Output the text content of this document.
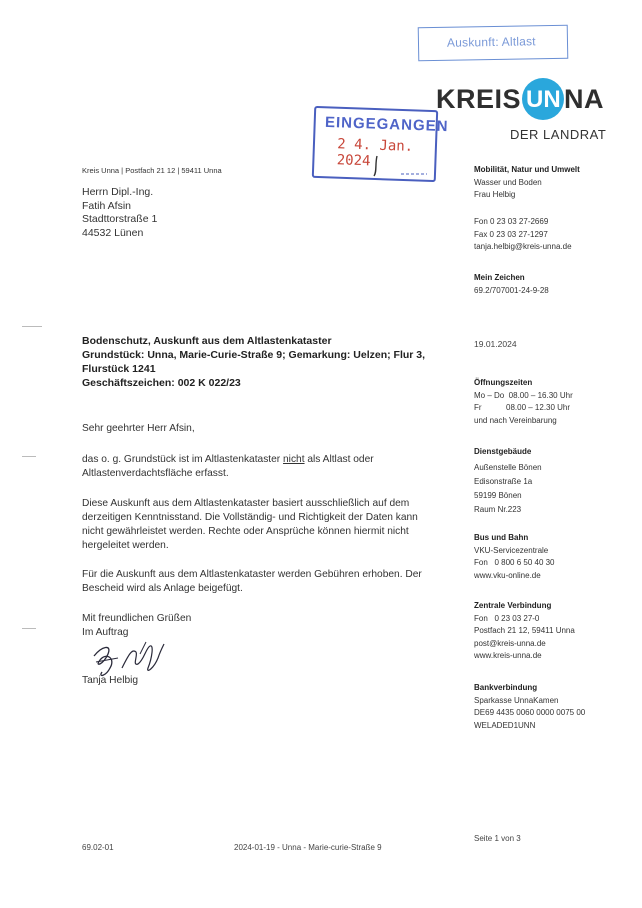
Auskunft: Altlast
KREIS UN NA
DER LANDRAT
EINGEGANGEN
2 4. Jan. 2024
Kreis Unna | Postfach 21 12 | 59411 Unna
Herrn Dipl.-Ing.
Fatih Afsin
Stadttorstraße 1
44532 Lünen
Mobilität, Natur und Umwelt
Wasser und Boden
Frau Helbig
Fon 0 23 03 27-2669
Fax 0 23 03 27-1297
tanja.helbig@kreis-unna.de
Mein Zeichen
69.2/707001-24-9-28
19.01.2024
Öffnungszeiten
Mo – Do  08.00 – 16.30 Uhr
Fr           08.00 – 12.30 Uhr
und nach Vereinbarung
Dienstgebäude
Außenstelle Bönen
Edisonstraße 1a
59199 Bönen
Raum Nr.223
Bus und Bahn
VKU-Servicezentrale
Fon   0 800 6 50 40 30
www.vku-online.de
Zentrale Verbindung
Fon   0 23 03 27-0
Postfach 21 12, 59411 Unna
post@kreis-unna.de
www.kreis-unna.de
Bankverbindung
Sparkasse UnnaKamen
DE69 4435 0060 0000 0075 00
WELADED1UNN
Bodenschutz, Auskunft aus dem Altlastenkataster
Grundstück: Unna, Marie-Curie-Straße 9; Gemarkung: Uelzen; Flur 3,
Flurstück 1241
Geschäftszeichen: 002 K 022/23
Sehr geehrter Herr Afsin,
das o. g. Grundstück ist im Altlastenkataster nicht als Altlast oder
Altlastenverdachtsfläche erfasst.
Diese Auskunft aus dem Altlastenkataster basiert ausschließlich auf dem
derzeitigen Kenntnisstand. Die Vollständig- und Richtigkeit der Daten kann
nicht gewährleistet werden. Rechte oder Ansprüche können hiermit nicht
hergeleitet werden.
Für die Auskunft aus dem Altlastenkataster werden Gebühren erhoben. Der
Bescheid wird als Anlage beigefügt.
Mit freundlichen Grüßen
Im Auftrag
Tanja Helbig
69.02-01	2024-01-19 - Unna - Marie-curie-Straße 9
Seite 1 von 3
